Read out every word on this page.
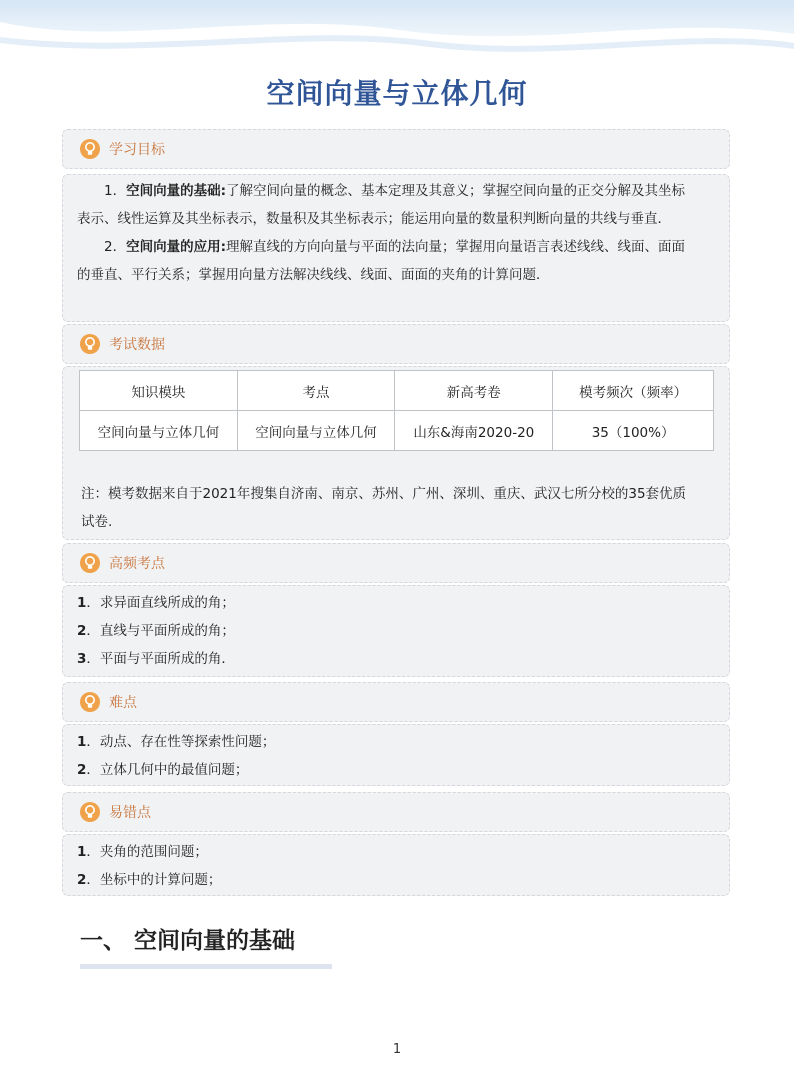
空间向量与立体几何
学习目标
1．空间向量的基础:了解空间向量的概念、基本定理及其意义；掌握空间向量的正交分解及其坐标
表示、线性运算及其坐标表示，数量积及其坐标表示；能运用向量的数量积判断向量的共线与垂直．
2．空间向量的应用:理解直线的方向向量与平面的法向量；掌握用向量语言表述线线、线面、面面
的垂直、平行关系；掌握用向量方法解决线线、线面、面面的夹角的计算问题．
考试数据
知识模块	考点	新高考卷	模考频次（频率）
空间向量与立体几何	空间向量与立体几何	山东&海南2020-20	35（100%）
注：模考数据来自于2021年搜集自济南、南京、苏州、广州、深圳、重庆、武汉七所分校的35套优质
试卷.
高频考点
1．求异面直线所成的角；
2．直线与平面所成的角；
3．平面与平面所成的角．
难点
1．动点、存在性等探索性问题；
2．立体几何中的最值问题；
易错点
1．夹角的范围问题；
2．坐标中的计算问题；
一、 空间向量的基础
1
